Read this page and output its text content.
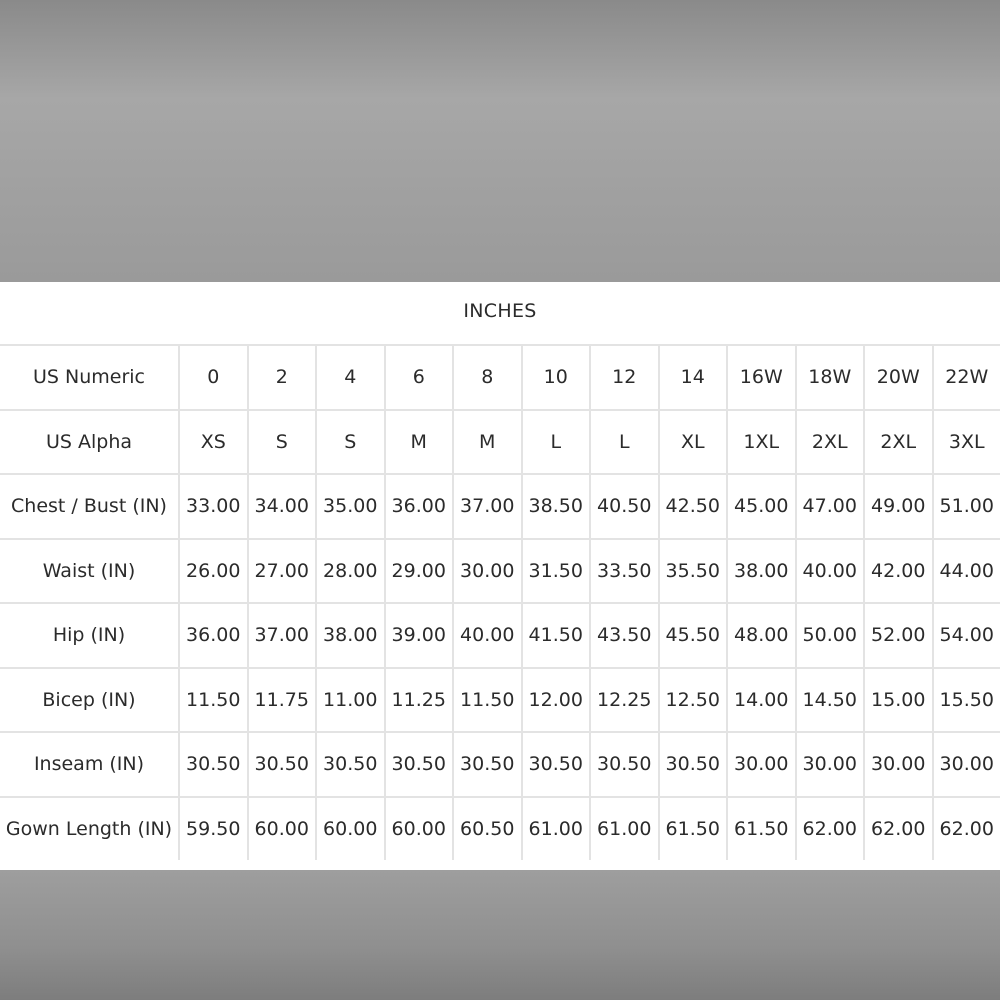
INCHES
US Numeric	0	2	4	6	8	10	12	14	16W	18W	20W	22W
US Alpha	XS	S	S	M	M	L	L	XL	1XL	2XL	2XL	3XL
Chest / Bust (IN)	33.00	34.00	35.00	36.00	37.00	38.50	40.50	42.50	45.00	47.00	49.00	51.00
Waist (IN)	26.00	27.00	28.00	29.00	30.00	31.50	33.50	35.50	38.00	40.00	42.00	44.00
Hip (IN)	36.00	37.00	38.00	39.00	40.00	41.50	43.50	45.50	48.00	50.00	52.00	54.00
Bicep (IN)	11.50	11.75	11.00	11.25	11.50	12.00	12.25	12.50	14.00	14.50	15.00	15.50
Inseam (IN)	30.50	30.50	30.50	30.50	30.50	30.50	30.50	30.50	30.00	30.00	30.00	30.00
Gown Length (IN)	59.50	60.00	60.00	60.00	60.50	61.00	61.00	61.50	61.50	62.00	62.00	62.00
